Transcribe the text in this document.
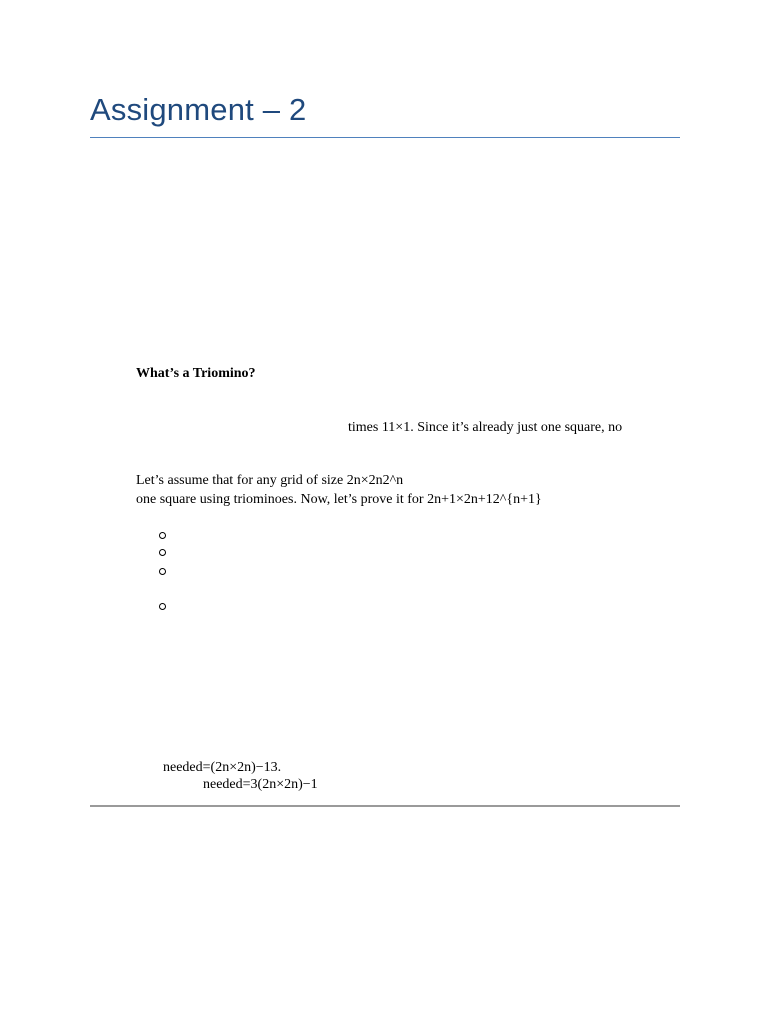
Assignment – 2
What’s a Triomino?
times 11×1. Since it’s already just one square, no
Let’s assume that for any grid of size 2n×2n2^n
one square using triominoes. Now, let’s prove it for 2n+1×2n+12^{n+1}
needed=(2n×2n)−13.
needed=3(2n×2n)−1
